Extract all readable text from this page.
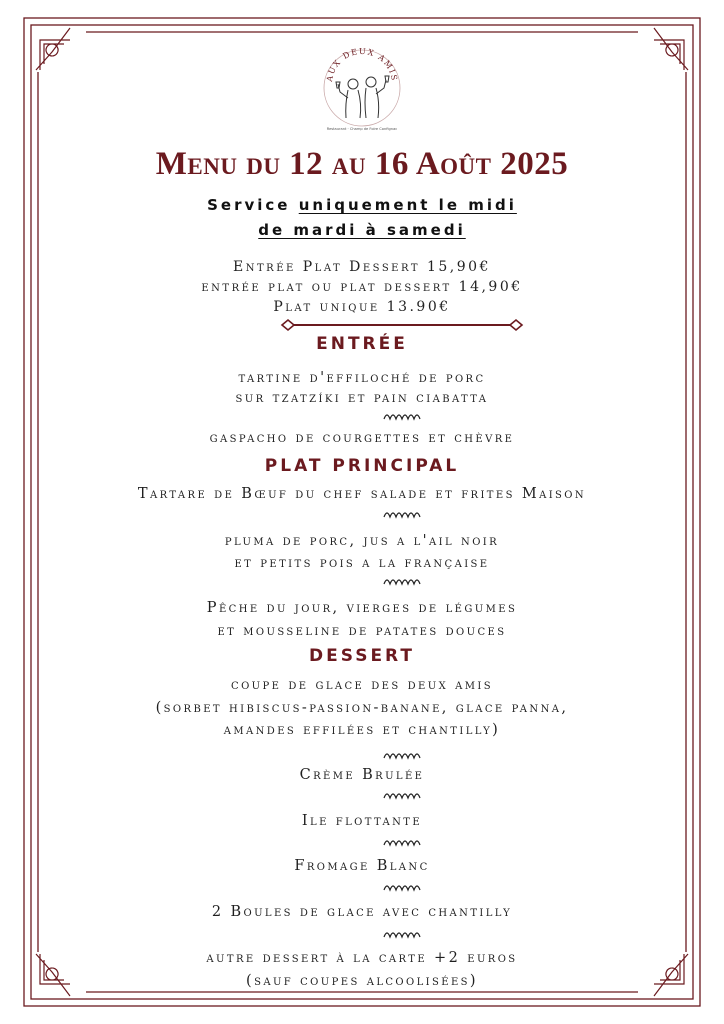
AUX DEUX AMIS
Restaurant · Champ de Foire Confignac
Menu du 12 au 16 Août 2025
Service uniquement le midi
de mardi à samedi
Entrée Plat Dessert 15,90€
entrée plat ou plat dessert 14,90€
Plat unique 13.90€
ENTRÉE
tartine d'effiloché de porc
sur tzatzíki et pain ciabatta
gaspacho de courgettes et chèvre
PLAT PRINCIPAL
Tartare de Bœuf du chef salade et frites Maison
pluma de porc, jus a l'ail noir
et petits pois a la française
Pêche du jour, vierges de légumes
et mousseline de patates douces
DESSERT
coupe de glace des deux amis
(sorbet hibiscus-passion-banane, glace panna,
amandes effilées et chantilly)
Crème Brulée
Ile flottante
Fromage Blanc
2 Boules de glace avec chantilly
autre dessert à la carte +2 euros
(sauf coupes alcoolisées)
